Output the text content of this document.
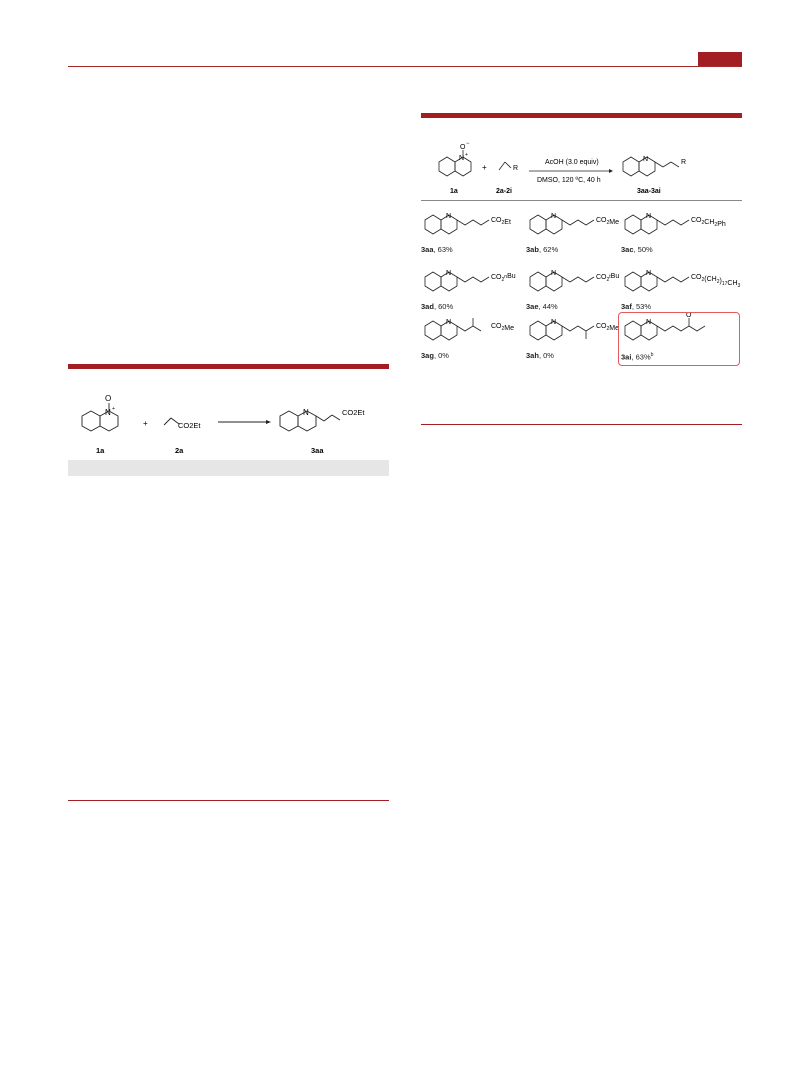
N +
O −
1a
+	R
2a-2i
AcOH (3.0 equiv)
DMSO, 120 ºC, 40 h
N	R
3aa-3ai
N
CO2Et
3aa, 63%
N
CO2Me
3ab, 62%
N
CO2CH2Ph
3ac, 50%
N
CO2nBu
3ad, 60%
N
CO2tBu
3ae, 44%
N
CO2(CH2)17CH3
3af, 53%
N
CO2Me
3ag, 0%
N
CO2Me
3ah, 0%
N
O
3ai, 63%$^b$
N +
O
1a
+	CO2Et
2a
N	CO2Et
3aa
